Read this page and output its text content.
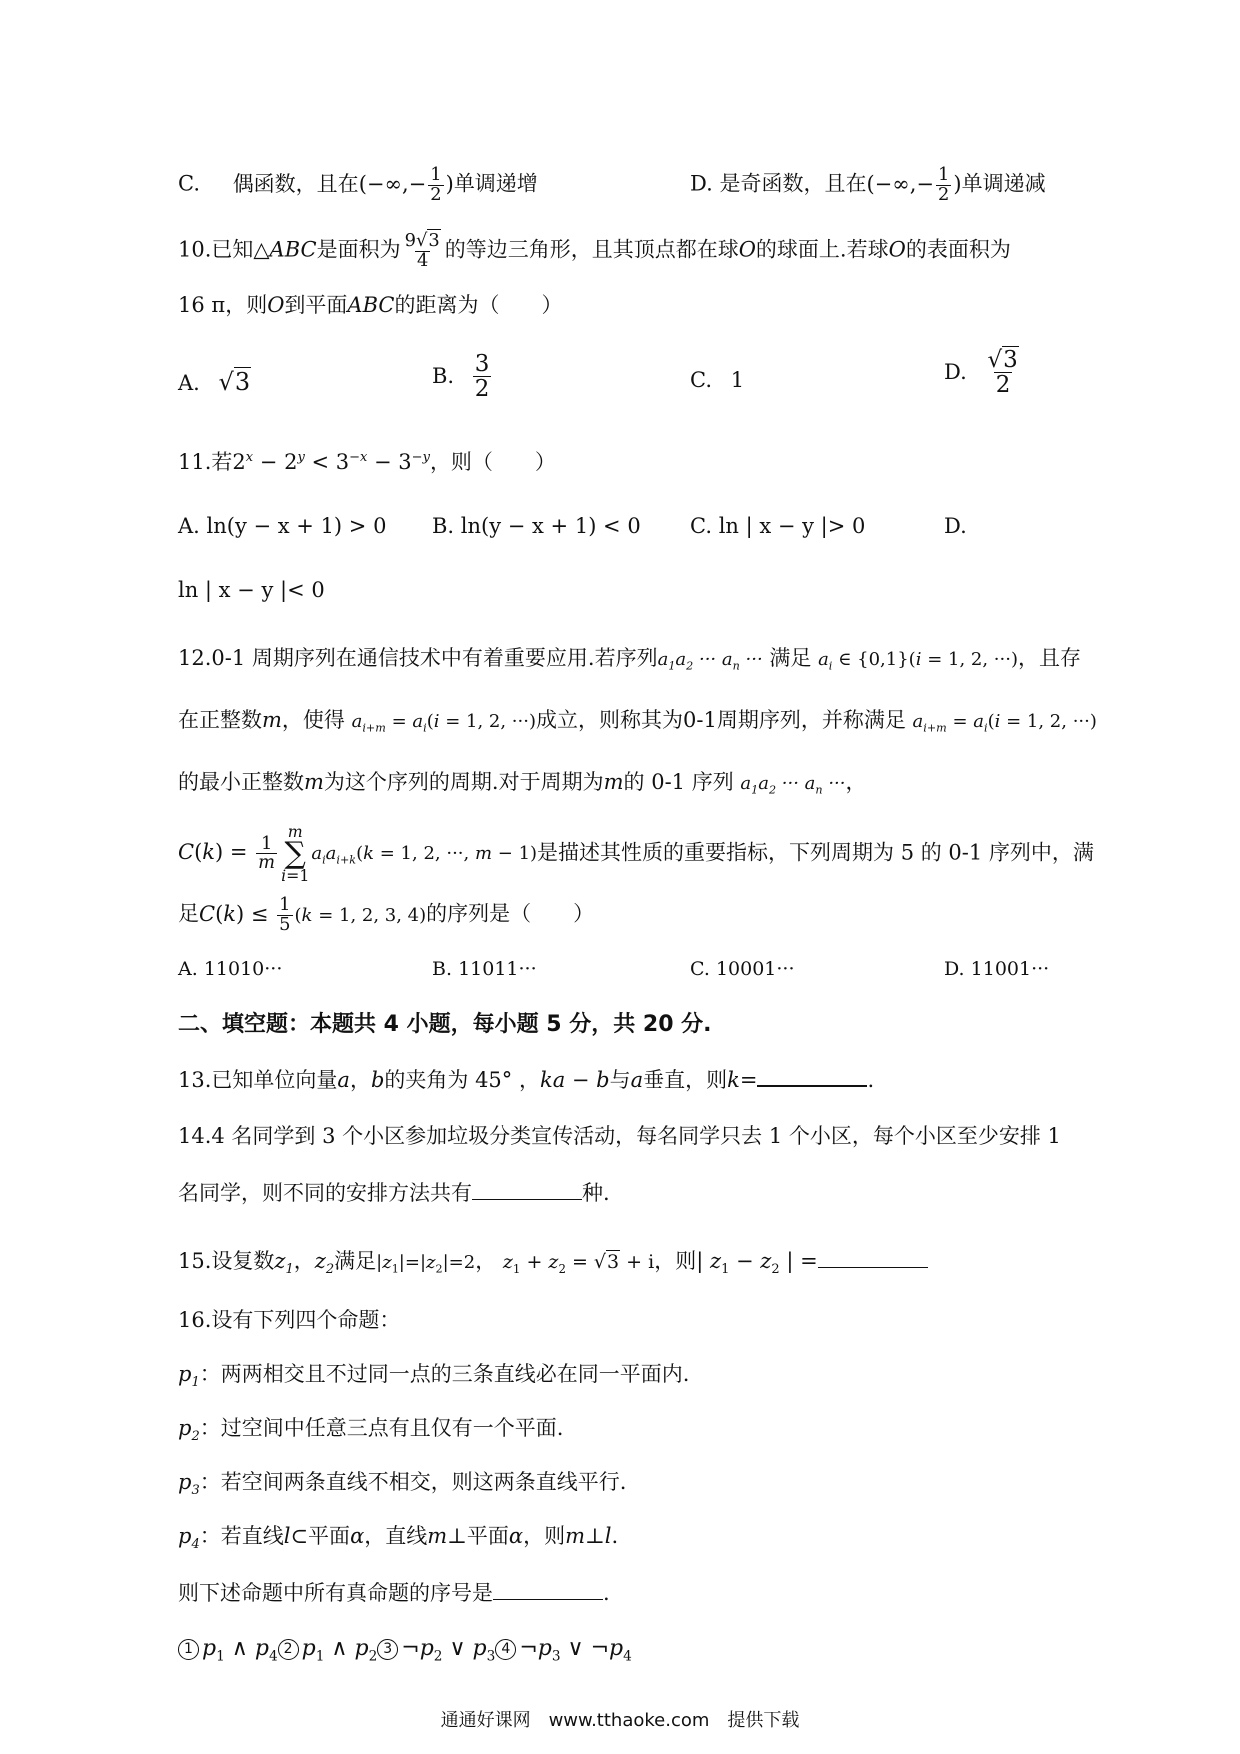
C. 偶函数，且在(−∞,− $\frac{1}{2}$ )单调递增	D. 是奇函数，且在(−∞,− $\frac{1}{2}$ )单调递减
10.已知△ABC是面积为 $\frac{9√3}{4}$ 的等边三角形，且其顶点都在球O的球面上.若球O的表面积为
16 π，则O到平面ABC的距离为（　　）
A. √3	B. $\frac{3}{2}$	C. 1	D. $\frac{√3}{2}$
11.若$2^x - 2^y < 3^{-x} - 3^{-y}$，则（　　）
A. ln(y − x + 1) > 0 B. ln(y − x + 1) < 0 C. ln | x − y |> 0	D.
ln | x − y |< 0
12.0-1 周期序列在通信技术中有着重要应用.若序列$a_1a_2$ ··· $a_n$ ··· 满足 $a_i$ ∈ {0,1}(i = 1, 2, ···)，且存
在正整数m，使得 $a_{i+m} = a_i(i = 1$, 2, ···)成立，则称其为0-1周期序列，并称满足 $a_{i+m} = a_i(i = 1$, 2, ···)
的最小正整数m为这个序列的周期.对于周期为m的 0-1 序列 $a_1a_2$ ··· $a_n$ ···，
$C(k) = \frac{1}{m}$
m
∑
i=1
$a_ia_{i+k}(k = 1$, 2, ···, m − 1)是描述其性质的重要指标，下列周期为 5 的 0-1 序列中，满
足$C(k) \le \frac{1}{5} (k = 1$, 2, 3, 4)的序列是（　　）
A. 11010···	B. 11011···	C. 10001···	D. 11001···
二、填空题：本题共 4 小题，每小题 5 分，共 20 分.
13.已知单位向量a，b的夹角为 45° ，ka − b与a垂直，则k=	.
14.4 名同学到 3 个小区参加垃圾分类宣传活动，每名同学只去 1 个小区，每个小区至少安排 1
名同学，则不同的安排方法共有	种.
15.设复数$z_1$，$z_2$满足$|z_1|=|z_2|=2$， $z_1 + z_2 = √3 + i$，则| $z_1 - z_2$ | =
16.设有下列四个命题：
$p_1$：两两相交且不过同一点的三条直线必在同一平面内.
$p_2$：过空间中任意三点有且仅有一个平面.
$p_3$：若空间两条直线不相交，则这两条直线平行.
$p_4$：若直线l⊂平面α，直线m⊥平面α，则m⊥l.
则下述命题中所有真命题的序号是	.
1 $p_1$ ∧ $p_4$ 2 $p_1$ ∧ $p_2$ 3 $\neg p_2$ ∨ $p_3$ 4 $\neg p_3$ ∨ $\neg p_4$
通通好课网　www.tthaoke.com　提供下载
